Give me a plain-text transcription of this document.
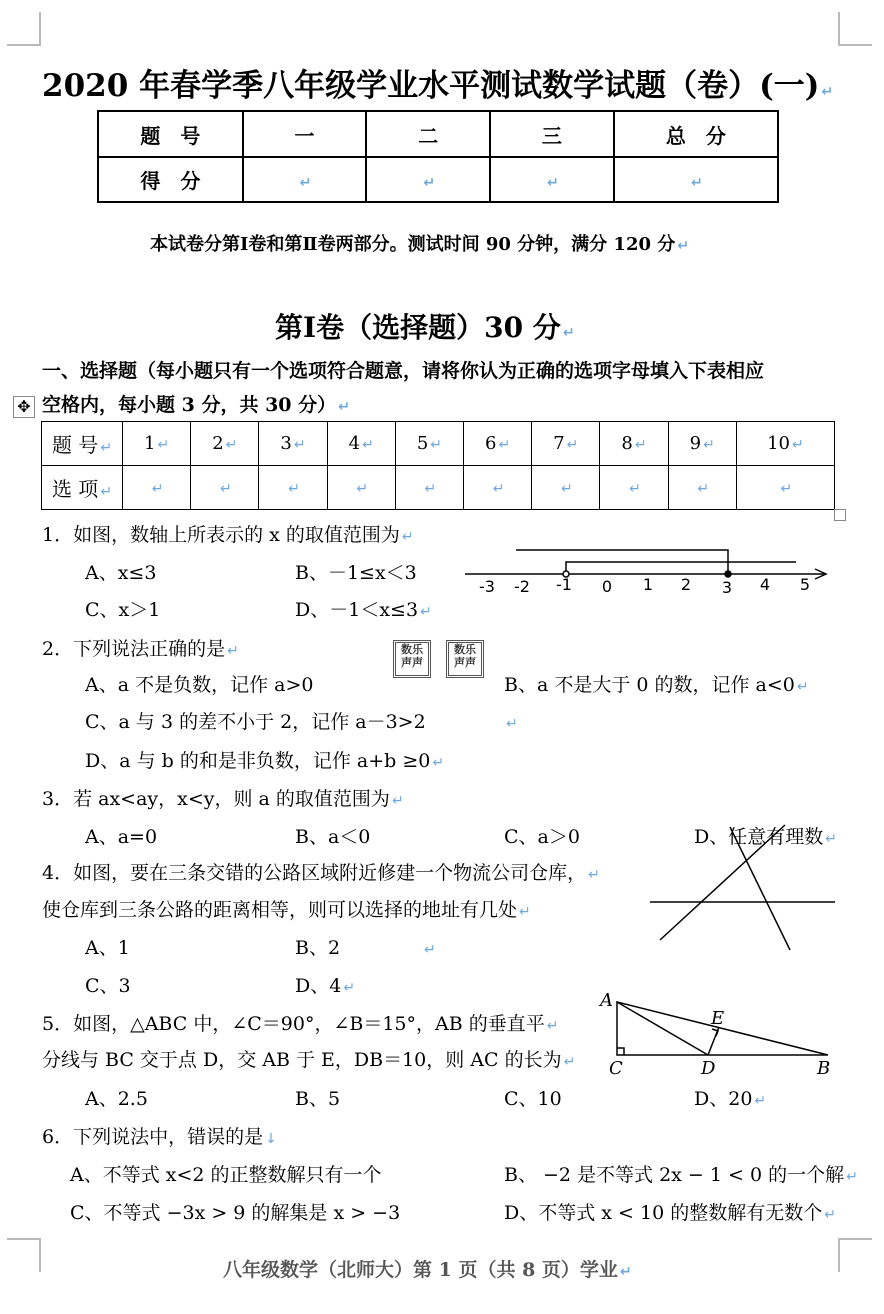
2020 年春学季八年级学业水平测试数学试题（卷）(一) ↵
题　号	一	二	三	总　分
得　分	↵	↵	↵	↵
本试卷分第Ⅰ卷和第Ⅱ卷两部分。测试时间 90 分钟，满分 120 分 ↵
第Ⅰ卷（选择题）30 分 ↵
一、选择题（每小题只有一个选项符合题意，请将你认为正确的选项字母填入下表相应
✥ 空格内，每小题 3 分，共 30 分） ↵
题 号 ↵	1 ↵	2 ↵	3 ↵	4 ↵	5 ↵	6 ↵	7 ↵	8 ↵	9 ↵	10 ↵
选 项 ↵	↵	↵	↵	↵	↵	↵	↵	↵	↵	↵
1．如图，数轴上所表示的 x 的取值范围为 ↵
A、x≤3	B、－1≤x＜3
C、x＞1	D、－1＜x≤3 ↵
-3 -2 -1 0 1 2 3 4 5
2．下列说法正确的是 ↵	数乐声声
数乐声声
A、a 不是负数，记作 a>0	B、a 不是大于 0 的数，记作 a<0 ↵
C、a 与 3 的差不小于 2，记作 a－3>2	↵
D、a 与 b 的和是非负数，记作 a+b ≥0 ↵
3．若 ax<ay，x<y，则 a 的取值范围为 ↵
A、a=0	B、a＜0	C、a＞0	D、任意有理数 ↵
4．如图，要在三条交错的公路区域附近修建一个物流公司仓库， ↵
使仓库到三条公路的距离相等，则可以选择的地址有几处 ↵
A、1	B、2	↵
C、3	D、4 ↵
5．如图，△ABC 中，∠C＝90°，∠B＝15°，AB 的垂直平 ↵
分线与 BC 交于点 D，交 AB 于 E，DB＝10，则 AC 的长为 ↵
A、2.5	B、5	C、10	D、20 ↵
A
C	D
E
B
6．下列说法中，错误的是 ↓
A、不等式 x<2 的正整数解只有一个	B、 −2 是不等式 2x − 1 < 0 的一个解 ↵
C、不等式 −3x > 9 的解集是 x > −3	D、不等式 x < 10 的整数解有无数个 ↵
八年级数学（北师大）第 1 页（共 8 页）学业 ↵
